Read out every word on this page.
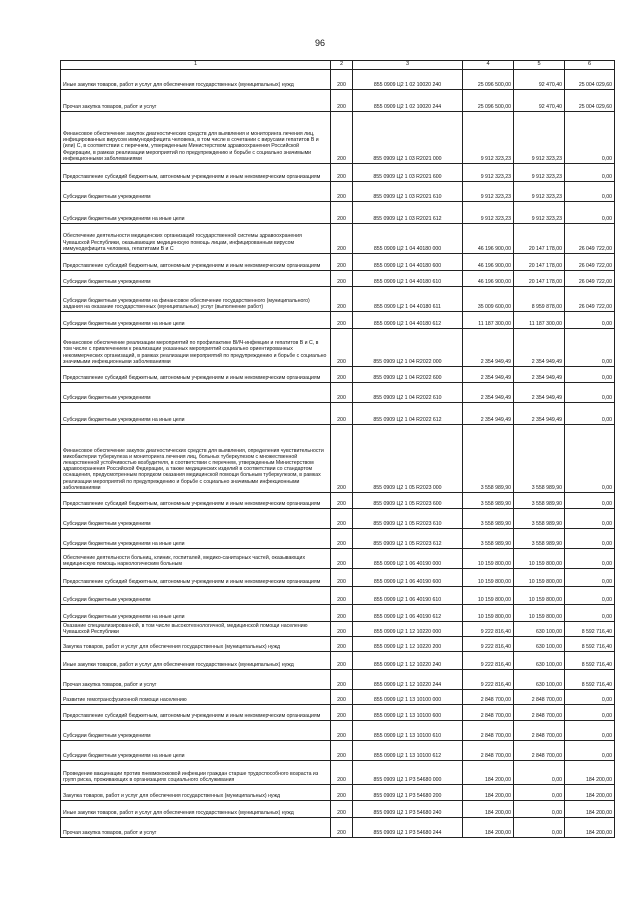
96
1	2	3	4	5	6
Иные закупки товаров, работ и услуг для обеспечения государственных (муниципальных) нужд	200	855 0909 Ц2 1 02 10020 240	25 096 500,00	92 470,40	25 004 029,60
Прочая закупка товаров, работ и услуг	200	855 0909 Ц2 1 02 10020 244	25 096 500,00	92 470,40	25 004 029,60
Финансовое обеспечение закупок диагностических средств для выявления и мониторинга лечения лиц, инфицированных вирусом иммунодефицита человека, в том числе в сочетании с вирусами гепатитов B и (или) C, в соответствии с перечнем, утвержденным Министерством здравоохранения Российской Федерации, в рамках реализации мероприятий по предупреждению и борьбе с социально значимыми инфекционными заболеваниями	200	855 0909 Ц2 1 03 R2021 000	9 912 323,23	9 912 323,23	0,00
Предоставление субсидий бюджетным, автономным учреждениям и иным некоммерческим организациям	200	855 0909 Ц2 1 03 R2021 600	9 912 323,23	9 912 323,23	0,00
Субсидии бюджетным учреждениям	200	855 0909 Ц2 1 03 R2021 610	9 912 323,23	9 912 323,23	0,00
Субсидии бюджетным учреждениям на иные цели	200	855 0909 Ц2 1 03 R2021 612	9 912 323,23	9 912 323,23	0,00
Обеспечение деятельности медицинских организаций государственной системы здравоохранения Чувашской Республики, оказывающих медицинскую помощь лицам, инфицированным вирусом иммунодефицита человека, гепатитами B и C	200	855 0909 Ц2 1 04 40180 000	46 196 900,00	20 147 178,00	26 049 722,00
Предоставление субсидий бюджетным, автономным учреждениям и иным некоммерческим организациям	200	855 0909 Ц2 1 04 40180 600	46 196 900,00	20 147 178,00	26 049 722,00
Субсидии бюджетным учреждениям	200	855 0909 Ц2 1 04 40180 610	46 196 900,00	20 147 178,00	26 049 722,00
Субсидии бюджетным учреждениям на финансовое обеспечение государственного (муниципального) задания на оказание государственных (муниципальных) услуг (выполнение работ)	200	855 0909 Ц2 1 04 40180 611	35 009 600,00	8 959 878,00	26 049 722,00
Субсидии бюджетным учреждениям на иные цели	200	855 0909 Ц2 1 04 40180 612	11 187 300,00	11 187 300,00	0,00
Финансовое обеспечение реализации мероприятий по профилактике ВИЧ-инфекции и гепатитов B и C, в том числе с привлечением к реализации указанных мероприятий социально ориентированных некоммерческих организаций, в рамках реализации мероприятий по предупреждению и борьбе с социально значимыми инфекционными заболеваниями	200	855 0909 Ц2 1 04 R2022 000	2 354 949,49	2 354 949,49	0,00
Предоставление субсидий бюджетным, автономным учреждениям и иным некоммерческим организациям	200	855 0909 Ц2 1 04 R2022 600	2 354 949,49	2 354 949,49	0,00
Субсидии бюджетным учреждениям	200	855 0909 Ц2 1 04 R2022 610	2 354 949,49	2 354 949,49	0,00
Субсидии бюджетным учреждениям на иные цели	200	855 0909 Ц2 1 04 R2022 612	2 354 949,49	2 354 949,49	0,00
Финансовое обеспечение закупок диагностических средств для выявления, определения чувствительности микобактерии туберкулеза и мониторинга лечения лиц, больных туберкулезом с множественной лекарственной устойчивостью возбудителя, в соответствии с перечнем, утвержденным Министерством здравоохранения Российской Федерации, а также медицинских изделий в соответствии со стандартом оснащения, предусмотренным порядком оказания медицинской помощи больным туберкулезом, в рамках реализации мероприятий по предупреждению и борьбе с социально значимыми инфекционными заболеваниями	200	855 0909 Ц2 1 05 R2023 000	3 558 989,90	3 558 989,90	0,00
Предоставление субсидий бюджетным, автономным учреждениям и иным некоммерческим организациям	200	855 0909 Ц2 1 05 R2023 600	3 558 989,90	3 558 989,90	0,00
Субсидии бюджетным учреждениям	200	855 0909 Ц2 1 05 R2023 610	3 558 989,90	3 558 989,90	0,00
Субсидии бюджетным учреждениям на иные цели	200	855 0909 Ц2 1 05 R2023 612	3 558 989,90	3 558 989,90	0,00
Обеспечение деятельности больниц, клиник, госпиталей, медико-санитарных частей, оказывающих медицинскую помощь наркологическим больным	200	855 0909 Ц2 1 06 40190 000	10 159 800,00	10 159 800,00	0,00
Предоставление субсидий бюджетным, автономным учреждениям и иным некоммерческим организациям	200	855 0909 Ц2 1 06 40190 600	10 159 800,00	10 159 800,00	0,00
Субсидии бюджетным учреждениям	200	855 0909 Ц2 1 06 40190 610	10 159 800,00	10 159 800,00	0,00
Субсидии бюджетным учреждениям на иные цели	200	855 0909 Ц2 1 06 40190 612	10 159 800,00	10 159 800,00	0,00
Оказание специализированной, в том числе высокотехнологичной, медицинской помощи населению Чувашской Республики	200	855 0909 Ц2 1 12 10220 000	9 222 816,40	630 100,00	8 592 716,40
Закупка товаров, работ и услуг для обеспечения государственных (муниципальных) нужд	200	855 0909 Ц2 1 12 10220 200	9 222 816,40	630 100,00	8 592 716,40
Иные закупки товаров, работ и услуг для обеспечения государственных (муниципальных) нужд	200	855 0909 Ц2 1 12 10220 240	9 222 816,40	630 100,00	8 592 716,40
Прочая закупка товаров, работ и услуг	200	855 0909 Ц2 1 12 10220 244	9 222 816,40	630 100,00	8 592 716,40
Развитие гемотрансфузионной помощи населению	200	855 0909 Ц2 1 13 10100 000	2 848 700,00	2 848 700,00	0,00
Предоставление субсидий бюджетным, автономным учреждениям и иным некоммерческим организациям	200	855 0909 Ц2 1 13 10100 600	2 848 700,00	2 848 700,00	0,00
Субсидии бюджетным учреждениям	200	855 0909 Ц2 1 13 10100 610	2 848 700,00	2 848 700,00	0,00
Субсидии бюджетным учреждениям на иные цели	200	855 0909 Ц2 1 13 10100 612	2 848 700,00	2 848 700,00	0,00
Проведение вакцинации против пневмококковой инфекции граждан старше трудоспособного возраста из групп риска, проживающих в организациях социального обслуживания	200	855 0909 Ц2 1 Р3 54680 000	184 200,00	0,00	184 200,00
Закупка товаров, работ и услуг для обеспечения государственных (муниципальных) нужд	200	855 0909 Ц2 1 Р3 54680 200	184 200,00	0,00	184 200,00
Иные закупки товаров, работ и услуг для обеспечения государственных (муниципальных) нужд	200	855 0909 Ц2 1 Р3 54680 240	184 200,00	0,00	184 200,00
Прочая закупка товаров, работ и услуг	200	855 0909 Ц2 1 Р3 54680 244	184 200,00	0,00	184 200,00
